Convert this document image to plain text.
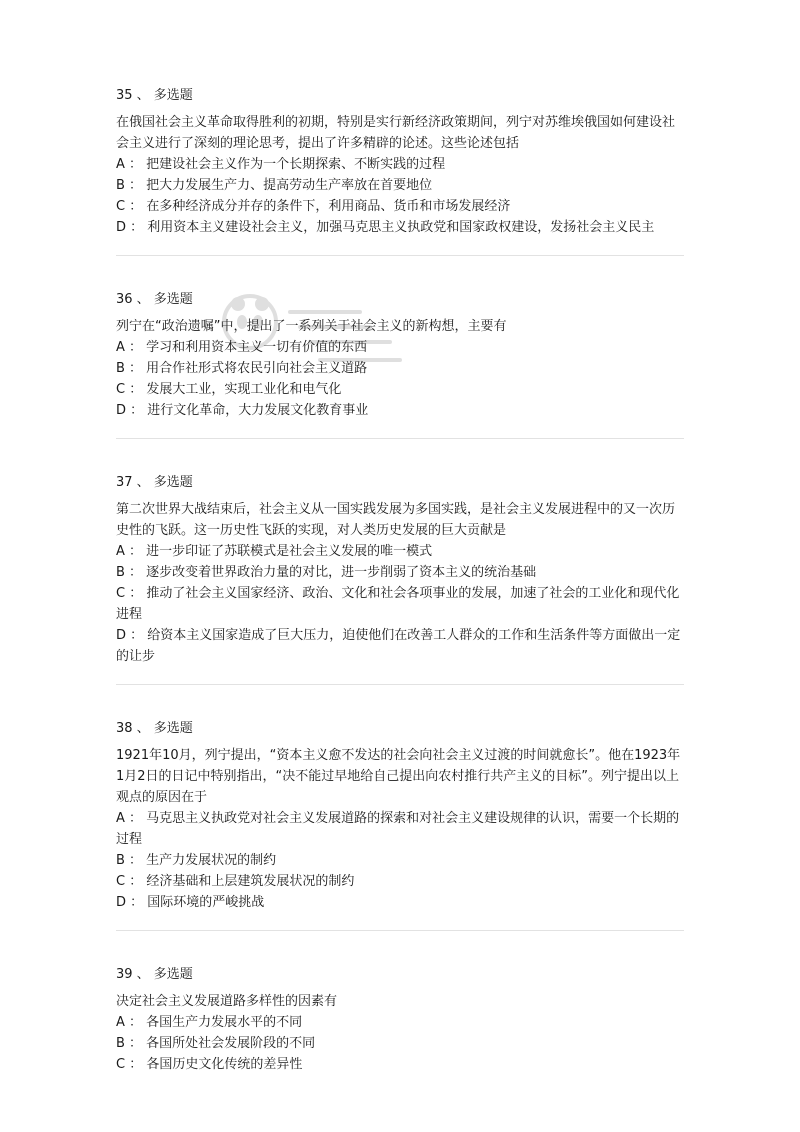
35 、 多选题
在俄国社会主义革命取得胜利的初期，特别是实行新经济政策期间，列宁对苏维埃俄国如何建设社会主义进行了深刻的理论思考，提出了许多精辟的论述。这些论述包括
A ： 把建设社会主义作为一个长期探索、不断实践的过程
B ： 把大力发展生产力、提高劳动生产率放在首要地位
C ： 在多种经济成分并存的条件下，利用商品、货币和市场发展经济
D ： 利用资本主义建设社会主义，加强马克思主义执政党和国家政权建设，发扬社会主义民主
36 、 多选题
列宁在“政治遗嘱”中，提出了一系列关于社会主义的新构想，主要有
A ： 学习和利用资本主义一切有价值的东西
B ： 用合作社形式将农民引向社会主义道路
C ： 发展大工业，实现工业化和电气化
D ： 进行文化革命，大力发展文化教育事业
37 、 多选题
第二次世界大战结束后，社会主义从一国实践发展为多国实践，是社会主义发展进程中的又一次历史性的飞跃。这一历史性飞跃的实现，对人类历史发展的巨大贡献是
A ： 进一步印证了苏联模式是社会主义发展的唯一模式
B ： 逐步改变着世界政治力量的对比，进一步削弱了资本主义的统治基础
C ： 推动了社会主义国家经济、政治、文化和社会各项事业的发展，加速了社会的工业化和现代化进程
D ： 给资本主义国家造成了巨大压力，迫使他们在改善工人群众的工作和生活条件等方面做出一定的让步
38 、 多选题
1921年10月，列宁提出，“资本主义愈不发达的社会向社会主义过渡的时间就愈长”。他在1923年1月2日的日记中特别指出，“决不能过早地给自己提出向农村推行共产主义的目标”。列宁提出以上观点的原因在于
A ： 马克思主义执政党对社会主义发展道路的探索和对社会主义建设规律的认识，需要一个长期的过程
B ： 生产力发展状况的制约
C ： 经济基础和上层建筑发展状况的制约
D ： 国际环境的严峻挑战
39 、 多选题
决定社会主义发展道路多样性的因素有
A ： 各国生产力发展水平的不同
B ： 各国所处社会发展阶段的不同
C ： 各国历史文化传统的差异性
